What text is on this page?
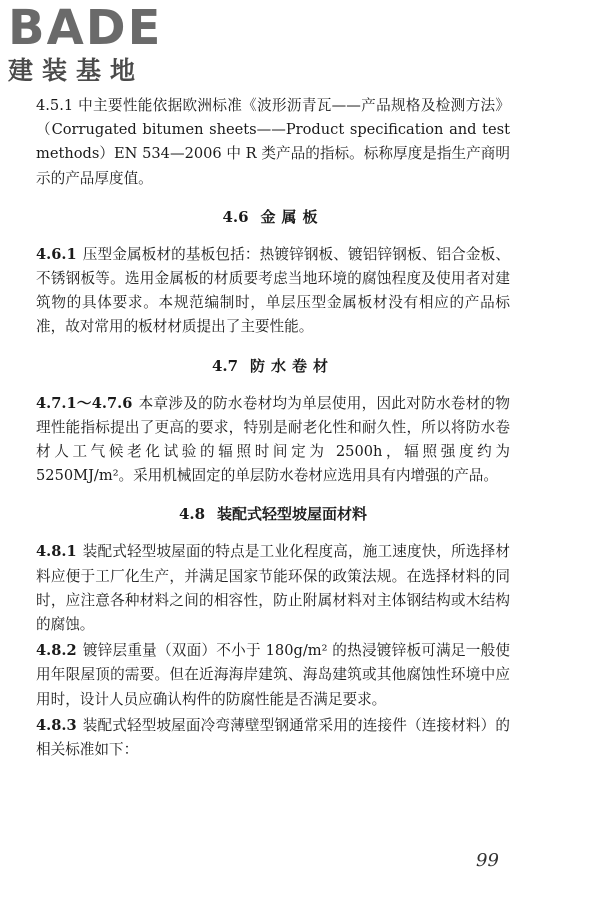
BADE
建装基地

4.5.1 中主要性能依据欧洲标准《波形沥青瓦——产品规格及检测方法》（Corrugated bitumen sheets——Product specification and test methods）EN 534—2006 中 R 类产品的指标。标称厚度是指生产商明示的产品厚度值。

4.6 金属板

4.6.1 压型金属板材的基板包括：热镀锌钢板、镀铝锌钢板、铝合金板、不锈钢板等。选用金属板的材质要考虑当地环境的腐蚀程度及使用者对建筑物的具体要求。本规范编制时，单层压型金属板材没有相应的产品标准，故对常用的板材材质提出了主要性能。

4.7 防水卷材

4.7.1～4.7.6 本章涉及的防水卷材均为单层使用，因此对防水卷材的物理性能指标提出了更高的要求，特别是耐老化性和耐久性，所以将防水卷材人工气候老化试验的辐照时间定为 2500h，辐照强度约为 5250MJ/m²。采用机械固定的单层防水卷材应选用具有内增强的产品。

4.8 装配式轻型坡屋面材料

4.8.1 装配式轻型坡屋面的特点是工业化程度高，施工速度快，所选择材料应便于工厂化生产，并满足国家节能环保的政策法规。在选择材料的同时，应注意各种材料之间的相容性，防止附属材料对主体钢结构或木结构的腐蚀。

4.8.2 镀锌层重量（双面）不小于 180g/m² 的热浸镀锌板可满足一般使用年限屋顶的需要。但在近海海岸建筑、海岛建筑或其他腐蚀性环境中应用时，设计人员应确认构件的防腐性能是否满足要求。

4.8.3 装配式轻型坡屋面冷弯薄壁型钢通常采用的连接件（连接材料）的相关标准如下：

99
